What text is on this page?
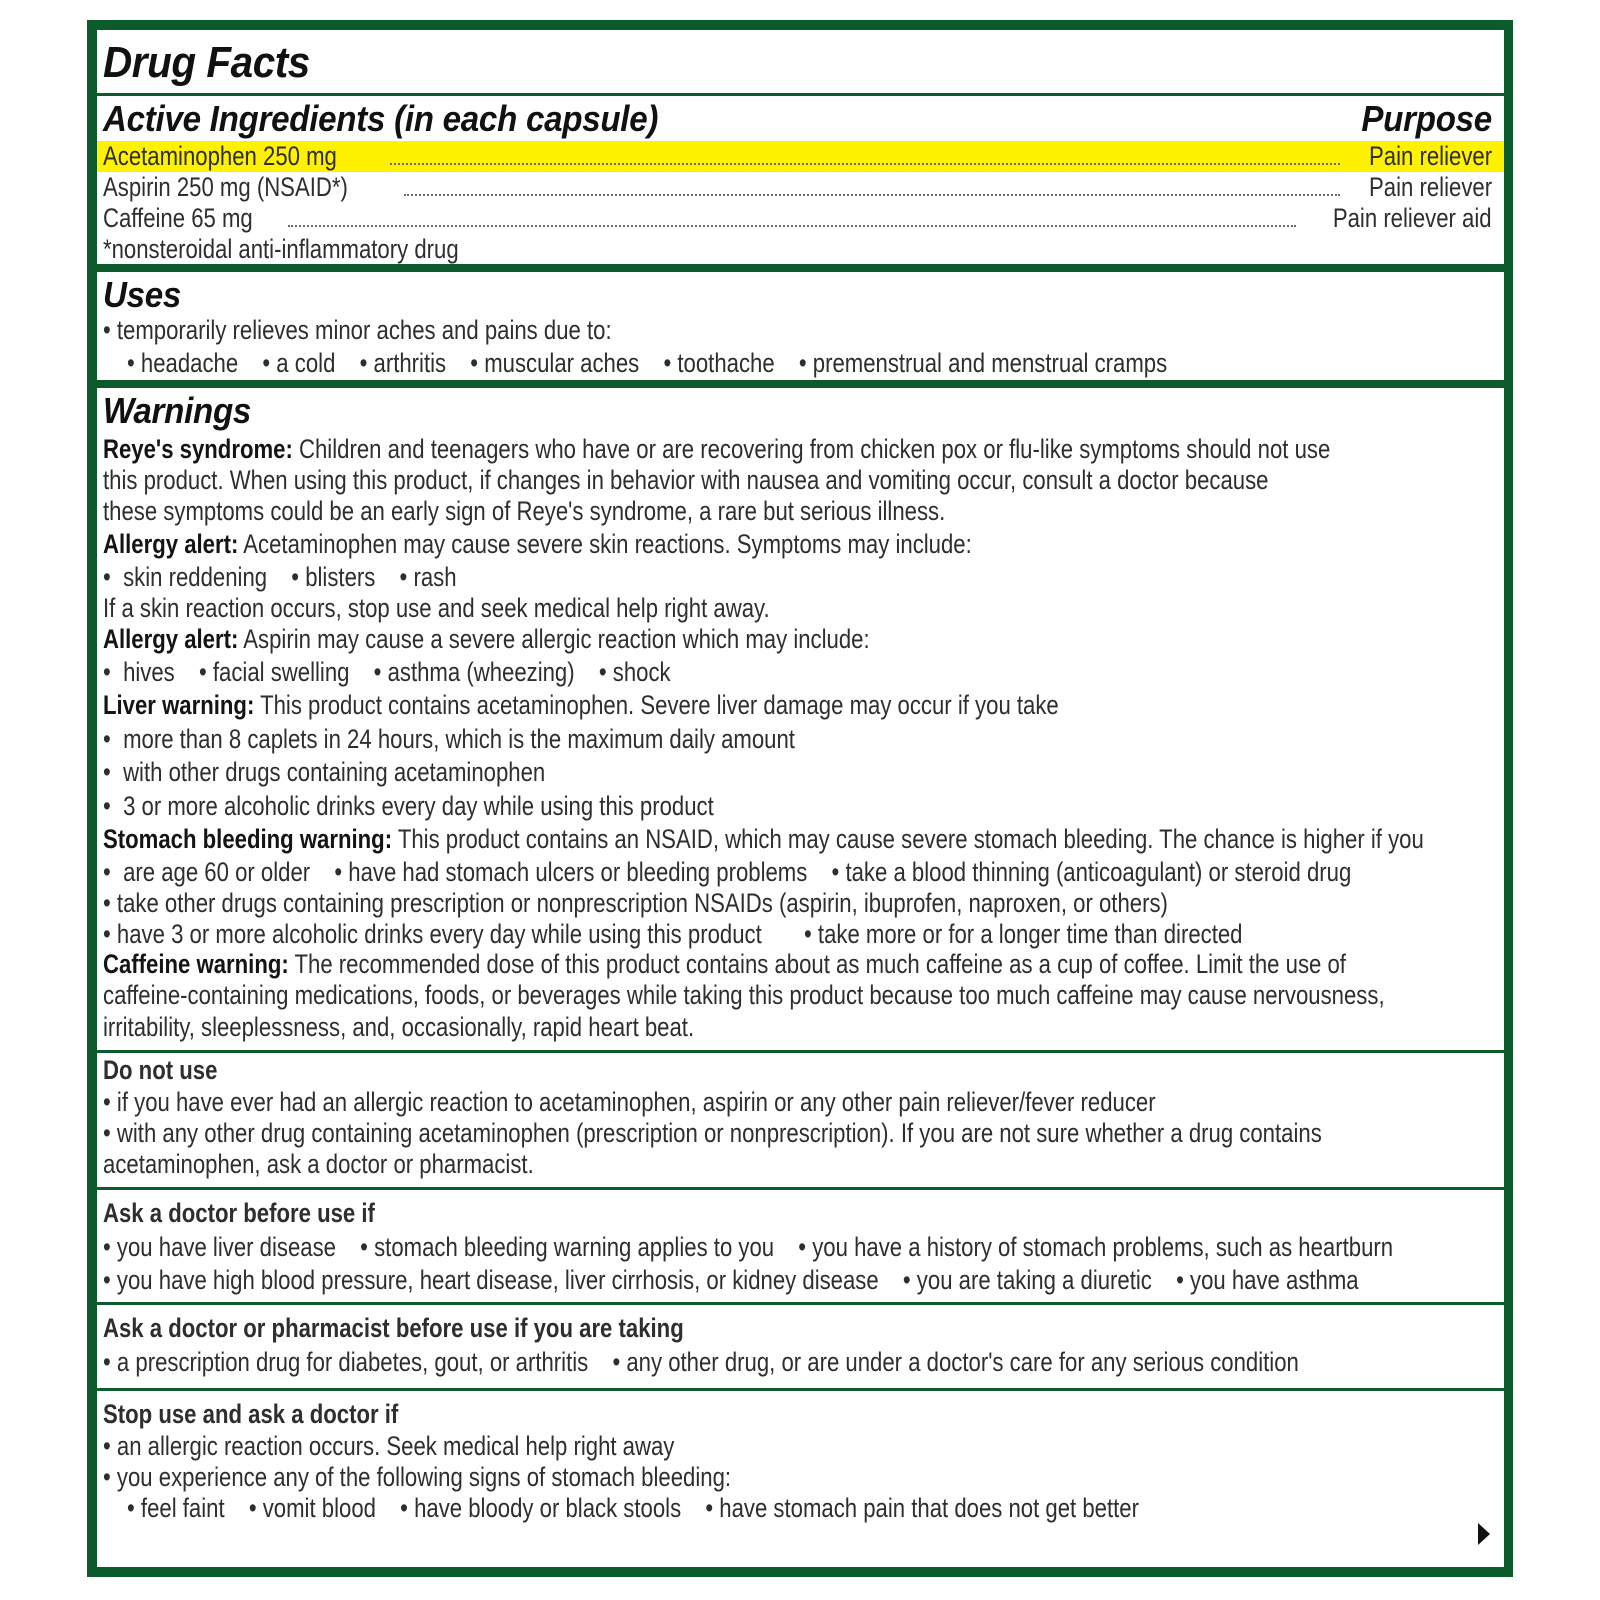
Drug Facts
Active Ingredients (in each capsule)	Purpose
Acetaminophen 250 mg	Pain reliever
Aspirin 250 mg (NSAID*)	Pain reliever
Caffeine 65 mg	Pain reliever aid
*nonsteroidal anti-inflammatory drug
Uses
• temporarily relieves minor aches and pains due to:
• headache • a cold • arthritis • muscular aches • toothache • premenstrual and menstrual cramps
Warnings
Reye's syndrome: Children and teenagers who have or are recovering from chicken pox or flu-like symptoms should not use
this product. When using this product, if changes in behavior with nausea and vomiting occur, consult a doctor because
these symptoms could be an early sign of Reye's syndrome, a rare but serious illness.
Allergy alert: Acetaminophen may cause severe skin reactions. Symptoms may include:
•  skin reddening • blisters • rash
If a skin reaction occurs, stop use and seek medical help right away.
Allergy alert: Aspirin may cause a severe allergic reaction which may include:
•  hives • facial swelling • asthma (wheezing) • shock
Liver warning: This product contains acetaminophen. Severe liver damage may occur if you take
•  more than 8 caplets in 24 hours, which is the maximum daily amount
•  with other drugs containing acetaminophen
•  3 or more alcoholic drinks every day while using this product
Stomach bleeding warning: This product contains an NSAID, which may cause severe stomach bleeding. The chance is higher if you
•  are age 60 or older • have had stomach ulcers or bleeding problems • take a blood thinning (anticoagulant) or steroid drug
• take other drugs containing prescription or nonprescription NSAIDs (aspirin, ibuprofen, naproxen, or others)
• have 3 or more alcoholic drinks every day while using this product • take more or for a longer time than directed
Caffeine warning: The recommended dose of this product contains about as much caffeine as a cup of coffee. Limit the use of
caffeine-containing medications, foods, or beverages while taking this product because too much caffeine may cause nervousness,
irritability, sleeplessness, and, occasionally, rapid heart beat.
Do not use
• if you have ever had an allergic reaction to acetaminophen, aspirin or any other pain reliever/fever reducer
• with any other drug containing acetaminophen (prescription or nonprescription). If you are not sure whether a drug contains
acetaminophen, ask a doctor or pharmacist.
Ask a doctor before use if
• you have liver disease • stomach bleeding warning applies to you • you have a history of stomach problems, such as heartburn
• you have high blood pressure, heart disease, liver cirrhosis, or kidney disease • you are taking a diuretic • you have asthma
Ask a doctor or pharmacist before use if you are taking
• a prescription drug for diabetes, gout, or arthritis • any other drug, or are under a doctor's care for any serious condition
Stop use and ask a doctor if
• an allergic reaction occurs. Seek medical help right away
• you experience any of the following signs of stomach bleeding:
• feel faint • vomit blood • have bloody or black stools • have stomach pain that does not get better
